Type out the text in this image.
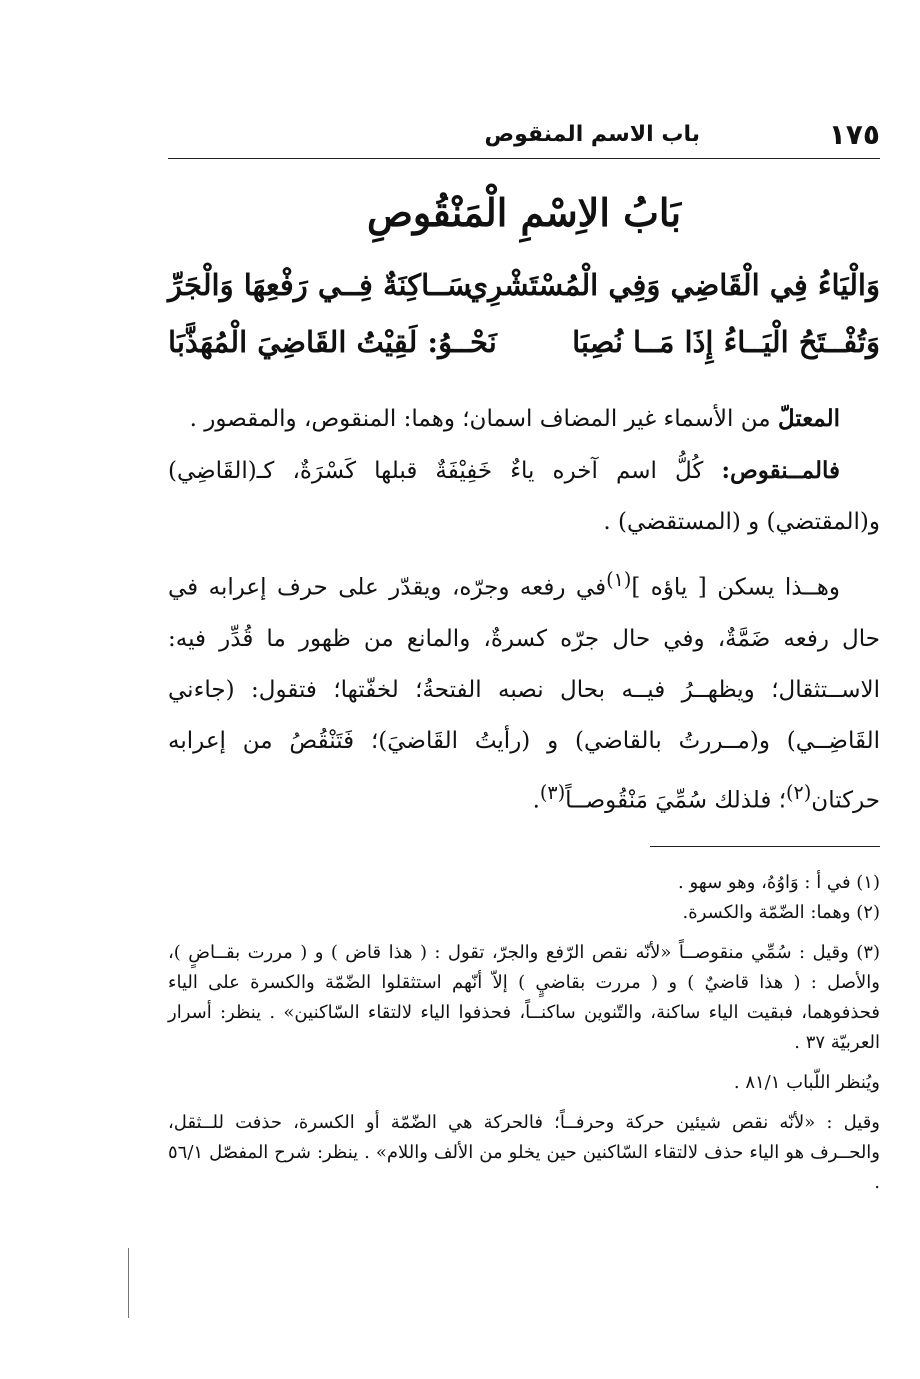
١٧٥
باب الاسم المنقوص
بَابُ الاِسْمِ الْمَنْقُوصِ
وَالْيَاءُ فِي الْقَاضِي وَفِي الْمُسْتَشْرِي
سَــاكِنَةٌ فِــي رَفْعِهَا وَالْجَرِّ
وَتُفْــتَحُ الْيَــاءُ إِذَا مَــا نُصِبَا
نَحْــوُ: لَقِيْتُ القَاضِيَ الْمُهَذَّبَا

المعتلّ من الأسماء غير المضاف اسمان؛ وهما: المنقوص، والمقصور .

فالمــنقوص: كُلُّ اسم آخره ياءٌ خَفِيْفَةٌ قبلها كَسْرَةٌ، كـ(القَاضِي) و(المقتضي) و (المستقضي) .

وهــذا يسكن [ ياؤه ]$^{(١)}$في رفعه وجرّه، ويقدّر على حرف إعرابه في حال رفعه ضَمَّةٌ، وفي حال جرّه كسرةٌ، والمانع من ظهور ما قُدِّر فيه: الاســتثقال؛ ويظهــرُ فيــه بحال نصبه الفتحةُ؛ لخفّتها؛ فتقول: (جاءني القَاضِــي) و(مــررتُ بالقاضي) و (رأيتُ القَاضيَ)؛ فَتَنْقُصُ من إعرابه حركتان$^{(٢)}$؛ فلذلك سُمِّيَ مَنْقُوصــاً$^{(٣)}$.

(١) في أ : وَاوُهُ، وهو سهو .

(٢) وهما: الضّمّة والكسرة.

(٣) وقيل : سُمِّي منقوصــاً «لأنّه نقص الرّفع والجرّ، تقول : ( هذا قاض ) و ( مررت بقــاضٍ )، والأصل : ( هذا قاضيٌ ) و ( مررت بقاضيٍ ) إلاّ أنّهم استثقلوا الضّمّة والكسرة على الياء فحذفوهما، فبقيت الياء ساكنة، والتّنوين ساكنــاً، فحذفوا الياء لالتقاء السّاكنين» . ينظر: أسرار العربيّة ٣٧ .

ويُنظر اللّباب ٨١/١ .

وقيل : «لأنّه نقص شيئين حركة وحرفــاً؛ فالحركة هي الضّمّة أو الكسرة، حذفت للــثقل، والحــرف هو الياء حذف لالتقاء السّاكنين حين يخلو من الألف واللام» . ينظر: شرح المفصّل ٥٦/١ .
